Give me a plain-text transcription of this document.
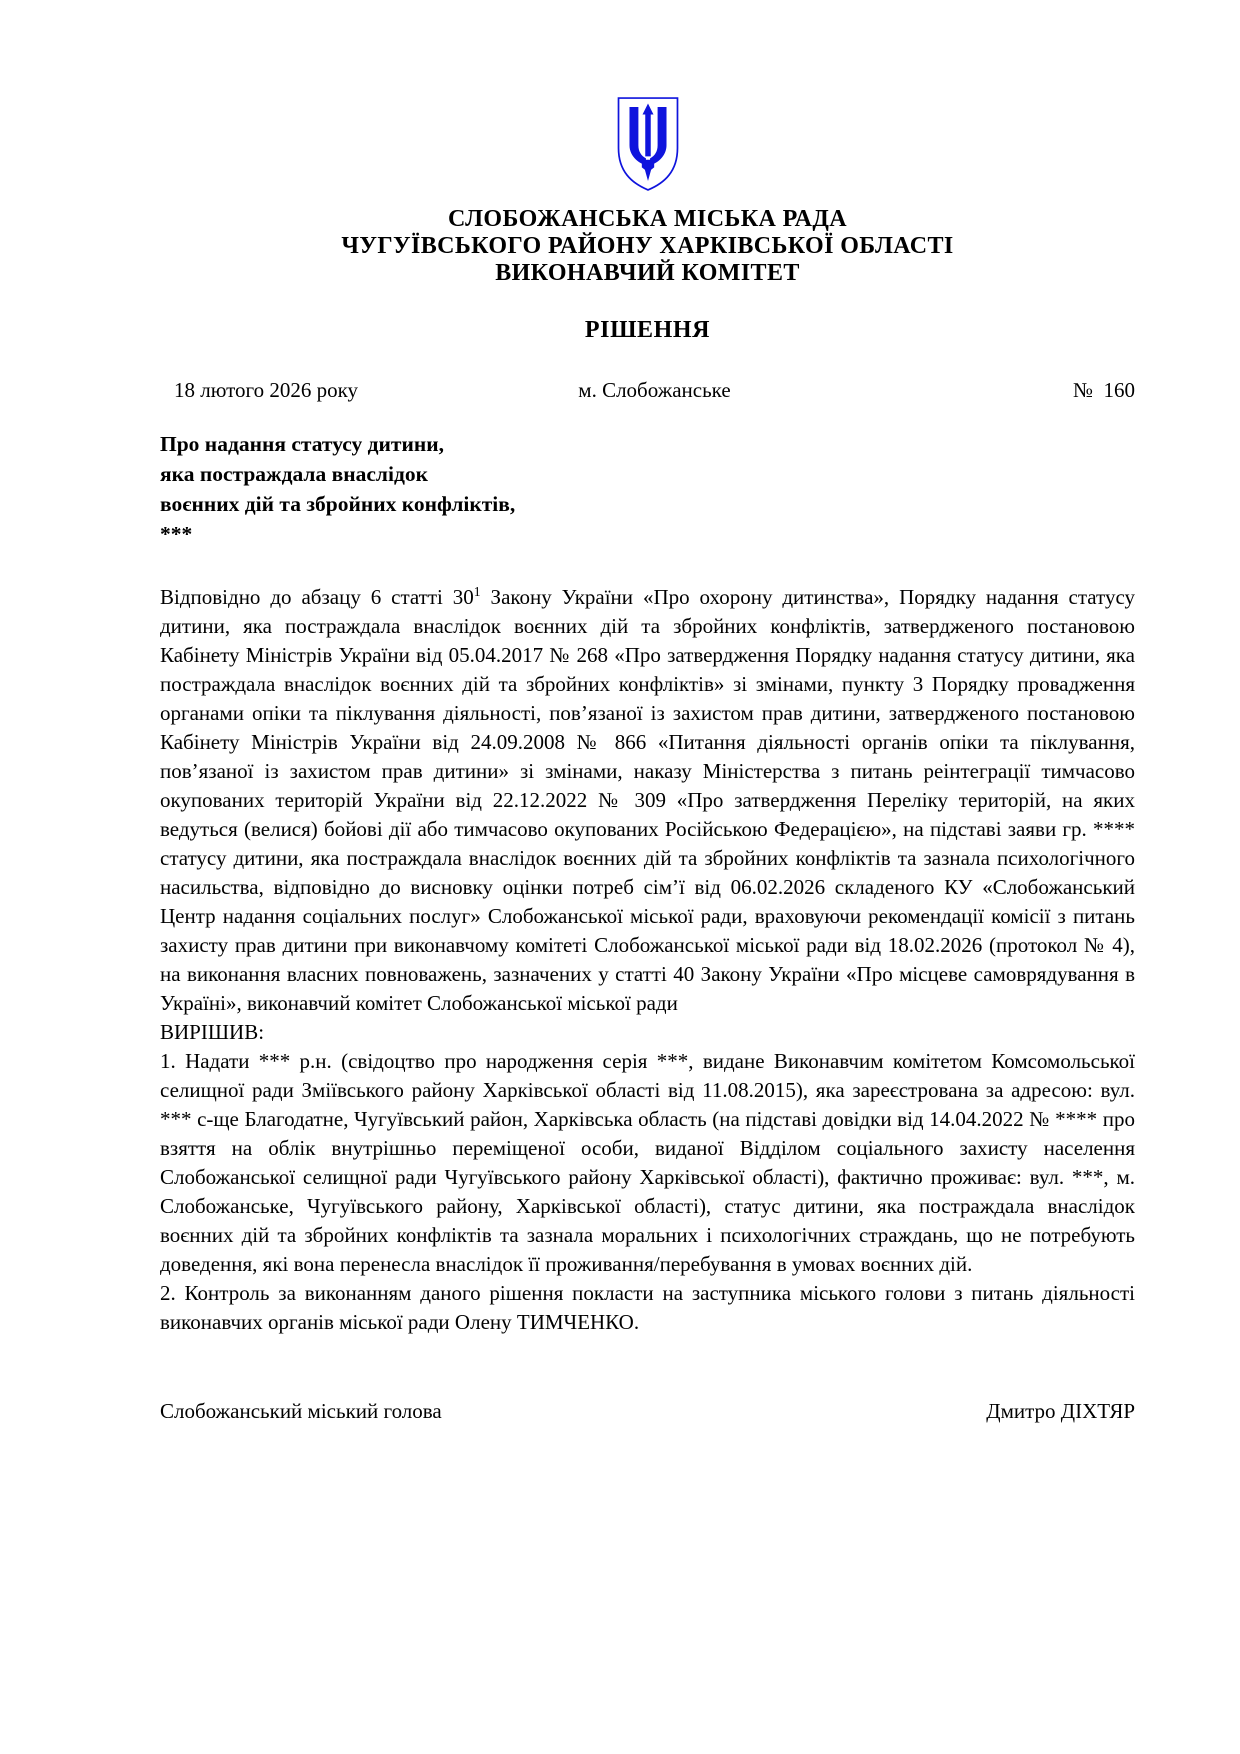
СЛОБОЖАНСЬКА МІСЬКА РАДА
ЧУГУЇВСЬКОГО РАЙОНУ ХАРКІВСЬКОЇ ОБЛАСТІ
ВИКОНАВЧИЙ КОМІТЕТ
РІШЕННЯ
18 лютого 2026 року	м. Слобожанське	№  160
Про надання статусу дитини,
яка постраждала внаслідок
воєнних дій та збройних конфліктів,
***

Відповідно до абзацу 6 статті $30^1$ Закону України «Про охорону дитинства», Порядку надання статусу дитини, яка постраждала внаслідок воєнних дій та збройних конфліктів, затвердженого постановою Кабінету Міністрів України від 05.04.2017 № 268 «Про затвердження Порядку надання статусу дитини, яка постраждала внаслідок воєнних дій та збройних конфліктів» зі змінами, пункту 3 Порядку провадження органами опіки та піклування діяльності, пов’язаної із захистом прав дитини, затвердженого постановою Кабінету Міністрів України від 24.09.2008 № 866 «Питання діяльності органів опіки та піклування, пов’язаної із захистом прав дитини» зі змінами, наказу Міністерства з питань реінтеграції тимчасово окупованих територій України від 22.12.2022 № 309 «Про затвердження Переліку територій, на яких ведуться (велися) бойові дії або тимчасово окупованих Російською Федерацією», на підставі заяви гр. **** статусу дитини, яка постраждала внаслідок воєнних дій та збройних конфліктів та зазнала психологічного насильства, відповідно до висновку оцінки потреб сім’ї від 06.02.2026 складеного КУ «Слобожанський Центр надання соціальних послуг» Слобожанської міської ради, враховуючи рекомендації комісії з питань захисту прав дитини при виконавчому комітеті Слобожанської міської ради від 18.02.2026 (протокол № 4), на виконання власних повноважень, зазначених у статті 40 Закону України «Про місцеве самоврядування в Україні», виконавчий комітет Слобожанської міської ради

ВИРІШИВ:

1. Надати *** р.н. (свідоцтво про народження серія ***, видане Виконавчим комітетом Комсомольської селищної ради Зміївського району Харківської області від 11.08.2015), яка зареєстрована за адресою: вул. *** с-ще Благодатне, Чугуївський район, Харківська область (на підставі довідки від 14.04.2022 № **** про взяття на облік внутрішньо переміщеної особи, виданої Відділом соціального захисту населення Слобожанської селищної ради Чугуївського району Харківської області), фактично проживає: вул. ***, м. Слобожанське, Чугуївського району, Харківської області), статус дитини, яка постраждала внаслідок воєнних дій та збройних конфліктів та зазнала моральних і психологічних страждань, що не потребують доведення, які вона перенесла внаслідок її проживання/перебування в умовах воєнних дій.

2. Контроль за виконанням даного рішення покласти на заступника міського голови з питань діяльності виконавчих органів міської ради Олену ТИМЧЕНКО.

Слобожанський міський голова	Дмитро ДІХТЯР
